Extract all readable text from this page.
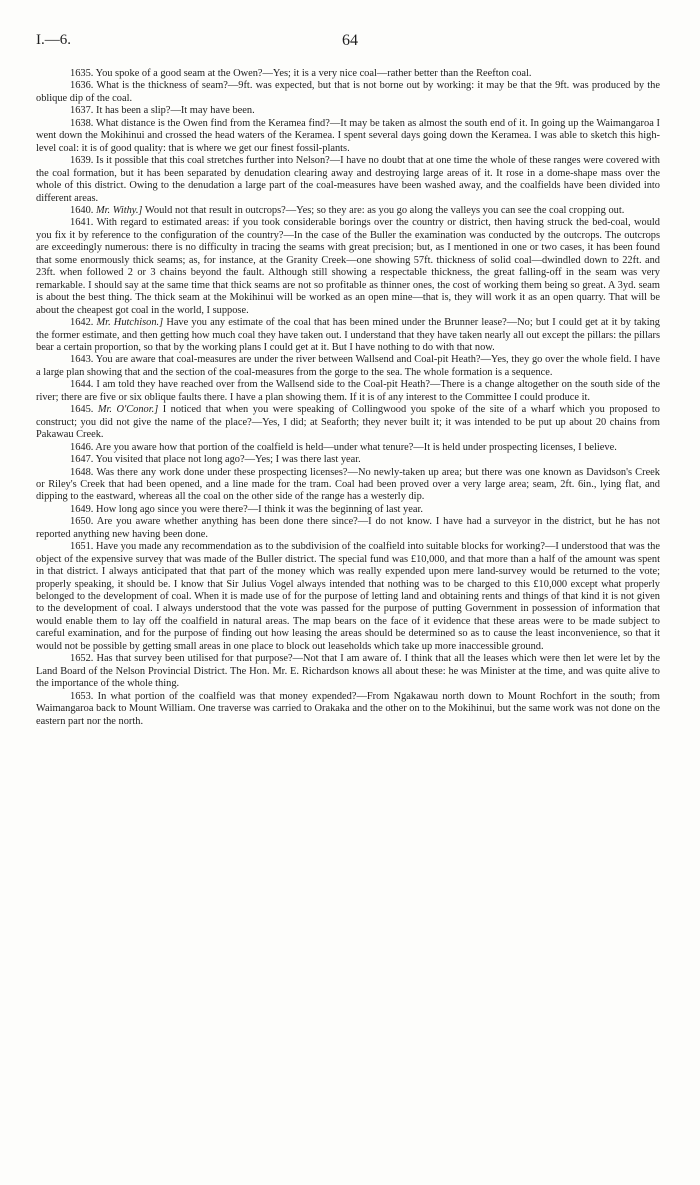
I.—6.	64

1635. You spoke of a good seam at the Owen?—Yes; it is a very nice coal—rather better than the Reefton coal.

1636. What is the thickness of seam?—9ft. was expected, but that is not borne out by working: it may be that the 9ft. was produced by the oblique dip of the coal.

1637. It has been a slip?—It may have been.

1638. What distance is the Owen find from the Keramea find?—It may be taken as almost the south end of it. In going up the Waimangaroa I went down the Mokihinui and crossed the head waters of the Keramea. I spent several days going down the Keramea. I was able to sketch this high-level coal: it is of good quality: that is where we get our finest fossil-plants.

1639. Is it possible that this coal stretches further into Nelson?—I have no doubt that at one time the whole of these ranges were covered with the coal formation, but it has been separated by denudation clearing away and destroying large areas of it. It rose in a dome-shape mass over the whole of this district. Owing to the denudation a large part of the coal-measures have been washed away, and the coalfields have been divided into different areas.

1640. Mr. Withy.] Would not that result in outcrops?—Yes; so they are: as you go along the valleys you can see the coal cropping out.

1641. With regard to estimated areas: if you took considerable borings over the country or district, then having struck the bed-coal, would you fix it by reference to the configuration of the country?—In the case of the Buller the examination was conducted by the outcrops. The outcrops are exceedingly numerous: there is no difficulty in tracing the seams with great precision; but, as I mentioned in one or two cases, it has been found that some enormously thick seams; as, for instance, at the Granity Creek—one showing 57ft. thickness of solid coal—dwindled down to 22ft. and 23ft. when followed 2 or 3 chains beyond the fault. Although still showing a respectable thickness, the great falling-off in the seam was very remarkable. I should say at the same time that thick seams are not so profitable as thinner ones, the cost of working them being so great. A 3yd. seam is about the best thing. The thick seam at the Mokihinui will be worked as an open mine—that is, they will work it as an open quarry. That will be about the cheapest got coal in the world, I suppose.

1642. Mr. Hutchison.] Have you any estimate of the coal that has been mined under the Brunner lease?—No; but I could get at it by taking the former estimate, and then getting how much coal they have taken out. I understand that they have taken nearly all out except the pillars: the pillars bear a certain proportion, so that by the working plans I could get at it. But I have nothing to do with that now.

1643. You are aware that coal-measures are under the river between Wallsend and Coal-pit Heath?—Yes, they go over the whole field. I have a large plan showing that and the section of the coal-measures from the gorge to the sea. The whole formation is a sequence.

1644. I am told they have reached over from the Wallsend side to the Coal-pit Heath?—There is a change altogether on the south side of the river; there are five or six oblique faults there. I have a plan showing them. If it is of any interest to the Committee I could produce it.

1645. Mr. O'Conor.] I noticed that when you were speaking of Collingwood you spoke of the site of a wharf which you proposed to construct; you did not give the name of the place?—Yes, I did; at Seaforth; they never built it; it was intended to be put up about 20 chains from Pakawau Creek.

1646. Are you aware how that portion of the coalfield is held—under what tenure?—It is held under prospecting licenses, I believe.

1647. You visited that place not long ago?—Yes; I was there last year.

1648. Was there any work done under these prospecting licenses?—No newly-taken up area; but there was one known as Davidson's Creek or Riley's Creek that had been opened, and a line made for the tram. Coal had been proved over a very large area; seam, 2ft. 6in., lying flat, and dipping to the eastward, whereas all the coal on the other side of the range has a westerly dip.

1649. How long ago since you were there?—I think it was the beginning of last year.

1650. Are you aware whether anything has been done there since?—I do not know. I have had a surveyor in the district, but he has not reported anything new having been done.

1651. Have you made any recommendation as to the subdivision of the coalfield into suitable blocks for working?—I understood that was the object of the expensive survey that was made of the Buller district. The special fund was £10,000, and that more than a half of the amount was spent in that district. I always anticipated that that part of the money which was really expended upon mere land-survey would be returned to the vote; properly speaking, it should be. I know that Sir Julius Vogel always intended that nothing was to be charged to this £10,000 except what properly belonged to the development of coal. When it is made use of for the purpose of letting land and obtaining rents and things of that kind it is not given to the development of coal. I always understood that the vote was passed for the purpose of putting Government in possession of information that would enable them to lay off the coalfield in natural areas. The map bears on the face of it evidence that these areas were to be made subject to careful examination, and for the purpose of finding out how leasing the areas should be determined so as to cause the least inconvenience, so that it would not be possible by getting small areas in one place to block out leaseholds which take up more inaccessible ground.

1652. Has that survey been utilised for that purpose?—Not that I am aware of. I think that all the leases which were then let were let by the Land Board of the Nelson Provincial District. The Hon. Mr. E. Richardson knows all about these: he was Minister at the time, and was quite alive to the importance of the whole thing.

1653. In what portion of the coalfield was that money expended?—From Ngakawau north down to Mount Rochfort in the south; from Waimangaroa back to Mount William. One traverse was carried to Orakaka and the other on to the Mokihinui, but the same work was not done on the eastern part nor the north.
